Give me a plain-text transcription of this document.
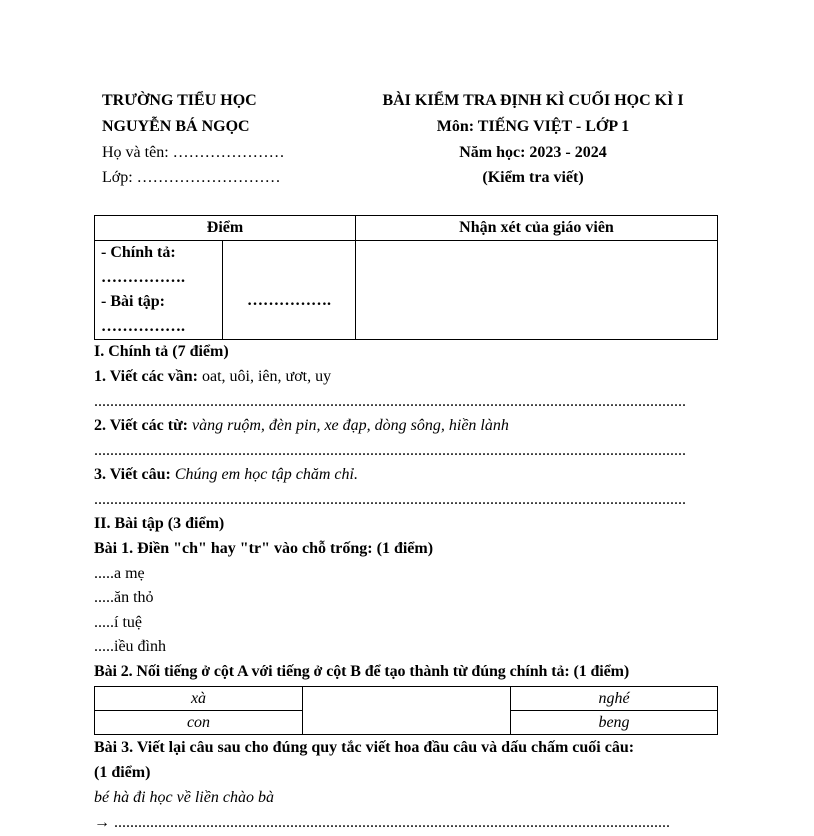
TRƯỜNG TIỂU HỌC
NGUYỄN BÁ NGỌC
Họ và tên: …………………
Lớp: ………………………
BÀI KIỂM TRA ĐỊNH KÌ CUỐI HỌC KÌ I
Môn: TIẾNG VIỆT - LỚP 1
Năm học: 2023 - 2024
(Kiểm tra viết)
Điểm		Nhận xét của giáo viên

- Chính tả:
…………….
- Bài tập:
…………….	…………….	

I. Chính tả (7 điểm)
1. Viết các vần: oat, uôi, iên, ươt, uy
....................................................................................................................................................
2. Viết các từ: vàng ruộm, đèn pin, xe đạp, dòng sông, hiền lành
....................................................................................................................................................
3. Viết câu: Chúng em học tập chăm chỉ.
....................................................................................................................................................
II. Bài tập (3 điểm)
Bài 1. Điền "ch" hay "tr" vào chỗ trống: (1 điểm)
.....a mẹ
.....ăn thỏ
.....í tuệ
.....iều đình
Bài 2. Nối tiếng ở cột A với tiếng ở cột B để tạo thành từ đúng chính tả: (1 điểm)
xà		nghé
con		beng
Bài 3. Viết lại câu sau cho đúng quy tắc viết hoa đầu câu và dấu chấm cuối câu:
(1 điểm)
bé hà đi học về liền chào bà
→ ...........................................................................................................................................
